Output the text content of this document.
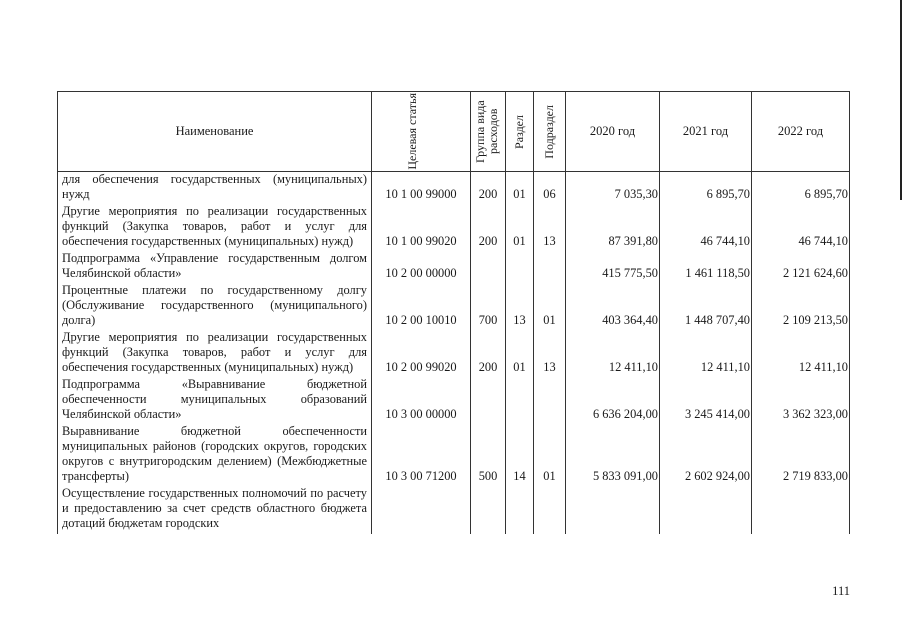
Наименование	Целевая статья	Группа вида расходов	Раздел	Подраздел	2020 год	2021 год	2022 год
для обеспечения государственных (муниципальных) нужд	10 1 00 99000	200	01	06	7 035,30	6 895,70	6 895,70
Другие мероприятия по реализации государственных функций (Закупка товаров, работ и услуг для обеспечения государственных (муниципальных) нужд)	10 1 00 99020	200	01	13	87 391,80	46 744,10	46 744,10
Подпрограмма «Управление государственным долгом Челябинской области»	10 2 00 00000				415 775,50	1 461 118,50	2 121 624,60
Процентные платежи по государственному долгу (Обслуживание государственного (муниципального) долга)	10 2 00 10010	700	13	01	403 364,40	1 448 707,40	2 109 213,50
Другие мероприятия по реализации государственных функций (Закупка товаров, работ и услуг для обеспечения государственных (муниципальных) нужд)	10 2 00 99020	200	01	13	12 411,10	12 411,10	12 411,10
Подпрограмма «Выравнивание бюджетной обеспеченности муниципальных образований Челябинской области»	10 3 00 00000				6 636 204,00	3 245 414,00	3 362 323,00
Выравнивание бюджетной обеспеченности муниципальных районов (городских округов, городских округов с внутригородским делением) (Межбюджетные трансферты)	10 3 00 71200	500	14	01	5 833 091,00	2 602 924,00	2 719 833,00
Осуществление государственных полномочий по расчету и предоставлению за счет средств областного бюджета дотаций бюджетам городских							
111
